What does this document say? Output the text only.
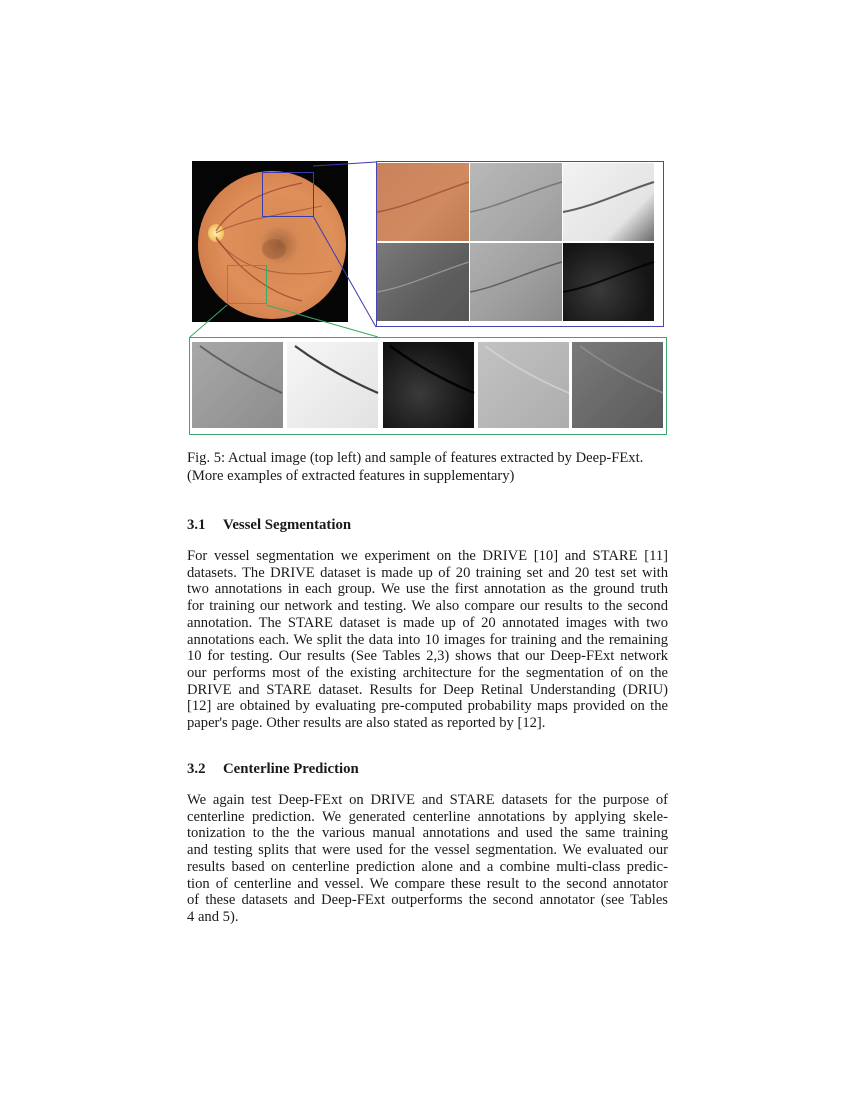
Fig. 5: Actual image (top left) and sample of features extracted by Deep-FExt.
(More examples of extracted features in supplementary)
3.1 Vessel Segmentation
For vessel segmentation we experiment on the DRIVE [10] and STARE [11]
datasets. The DRIVE dataset is made up of 20 training set and 20 test set with
two annotations in each group. We use the first annotation as the ground truth
for training our network and testing. We also compare our results to the second
annotation. The STARE dataset is made up of 20 annotated images with two
annotations each. We split the data into 10 images for training and the remaining
10 for testing. Our results (See Tables 2,3) shows that our Deep-FExt network
our performs most of the existing architecture for the segmentation of on the
DRIVE and STARE dataset. Results for Deep Retinal Understanding (DRIU)
[12] are obtained by evaluating pre-computed probability maps provided on the
paper's page. Other results are also stated as reported by [12].
3.2 Centerline Prediction
We again test Deep-FExt on DRIVE and STARE datasets for the purpose of
centerline prediction. We generated centerline annotations by applying skele-
tonization to the the various manual annotations and used the same training
and testing splits that were used for the vessel segmentation. We evaluated our
results based on centerline prediction alone and a combine multi-class predic-
tion of centerline and vessel. We compare these result to the second annotator
of these datasets and Deep-FExt outperforms the second annotator (see Tables
4 and 5).
